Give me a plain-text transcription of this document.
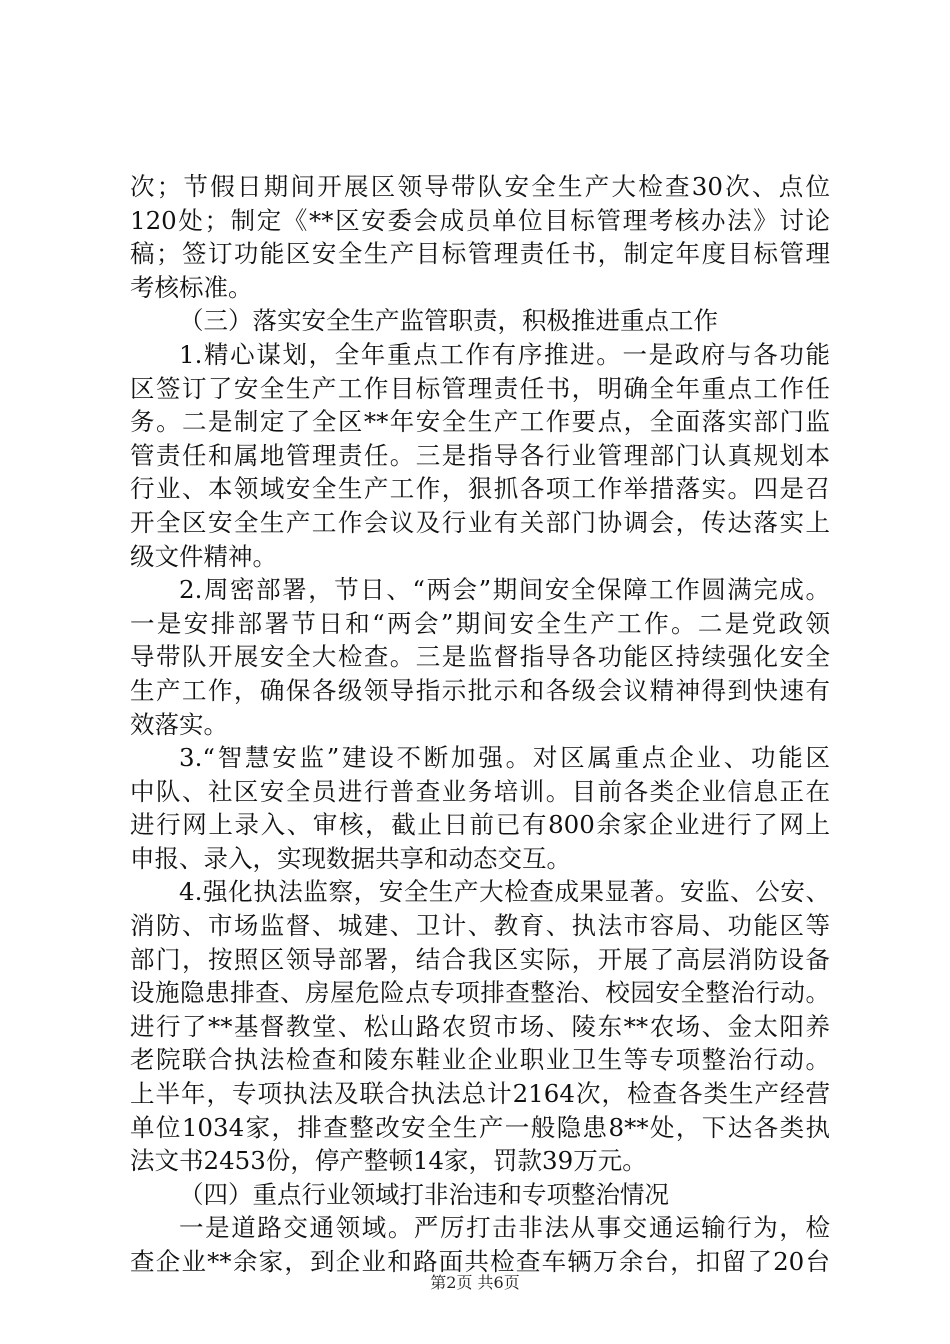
次；节假日期间开展区领导带队安全生产大检查30次、点位
120处；制定《**区安委会成员单位目标管理考核办法》讨论
稿；签订功能区安全生产目标管理责任书，制定年度目标管理
考核标准。
（三）落实安全生产监管职责，积极推进重点工作
1.精心谋划，全年重点工作有序推进。一是政府与各功能
区签订了安全生产工作目标管理责任书，明确全年重点工作任
务。二是制定了全区**年安全生产工作要点，全面落实部门监
管责任和属地管理责任。三是指导各行业管理部门认真规划本
行业、本领域安全生产工作，狠抓各项工作举措落实。四是召
开全区安全生产工作会议及行业有关部门协调会，传达落实上
级文件精神。
2.周密部署，节日、“两会”期间安全保障工作圆满完成。
一是安排部署节日和“两会”期间安全生产工作。二是党政领
导带队开展安全大检查。三是监督指导各功能区持续强化安全
生产工作，确保各级领导指示批示和各级会议精神得到快速有
效落实。
3.“智慧安监”建设不断加强。对区属重点企业、功能区
中队、社区安全员进行普查业务培训。目前各类企业信息正在
进行网上录入、审核，截止日前已有800余家企业进行了网上
申报、录入，实现数据共享和动态交互。
4.强化执法监察，安全生产大检查成果显著。安监、公安、
消防、市场监督、城建、卫计、教育、执法市容局、功能区等
部门，按照区领导部署，结合我区实际，开展了高层消防设备
设施隐患排查、房屋危险点专项排查整治、校园安全整治行动。
进行了**基督教堂、松山路农贸市场、陵东**农场、金太阳养
老院联合执法检查和陵东鞋业企业职业卫生等专项整治行动。
上半年，专项执法及联合执法总计2164次，检查各类生产经营
单位1034家，排查整改安全生产一般隐患8**处，下达各类执
法文书2453份，停产整顿14家，罚款39万元。
（四）重点行业领域打非治违和专项整治情况
一是道路交通领域。严厉打击非法从事交通运输行为，检
查企业**余家，到企业和路面共检查车辆万余台，扣留了20台
第2页 共6页
